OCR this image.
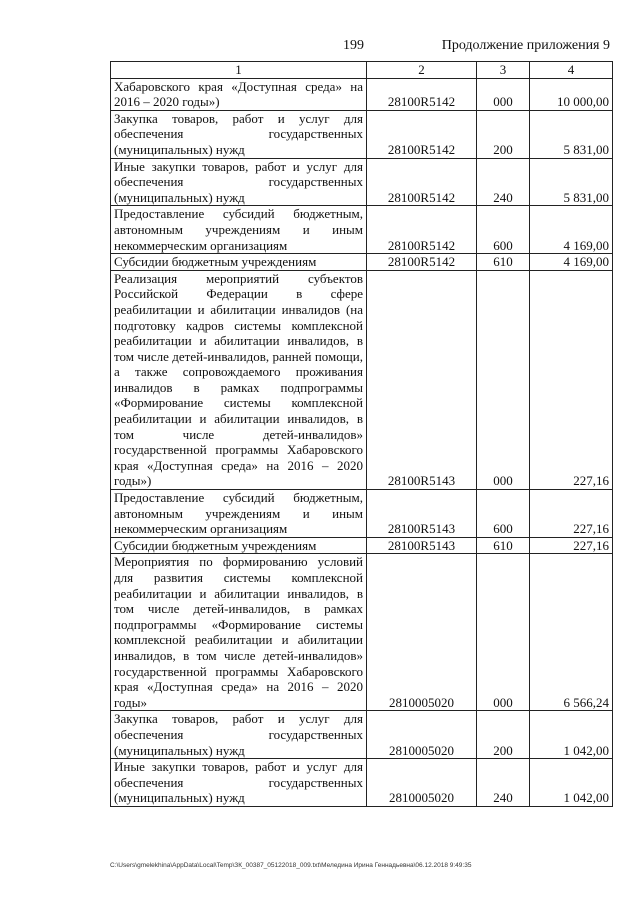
199	Продолжение приложения 9
1	2	3	4
Хабаровского края «Доступная среда» на 2016 – 2020 годы»)	28100R5142	000	10 000,00
Закупка товаров, работ и услуг для обеспечения государственных (муниципальных) нужд	28100R5142	200	5 831,00
Иные закупки товаров, работ и услуг для обеспечения государственных (муниципальных) нужд	28100R5142	240	5 831,00
Предоставление субсидий бюджетным, автономным учреждениям и иным некоммерческим организациям	28100R5142	600	4 169,00
Субсидии бюджетным учреждениям	28100R5142	610	4 169,00
Реализация мероприятий субъектов Российской Федерации в сфере реабилитации и абилитации инвалидов (на подготовку кадров системы комплексной реабилитации и абилитации инвалидов, в том числе детей-инвалидов, ранней помощи, а также сопровождаемого проживания инвалидов в рамках подпрограммы «Формирование системы комплексной реабилитации и абилитации инвалидов, в том числе детей-инвалидов» государственной программы Хабаровского края «Доступная среда» на 2016 – 2020 годы»)	28100R5143	000	227,16
Предоставление субсидий бюджетным, автономным учреждениям и иным некоммерческим организациям	28100R5143	600	227,16
Субсидии бюджетным учреждениям	28100R5143	610	227,16
Мероприятия по формированию условий для развития системы комплексной реабилитации и абилитации инвалидов, в том числе детей-инвалидов, в рамках подпрограммы «Формирование системы комплексной реабилитации и абилитации инвалидов, в том числе детей-инвалидов» государственной программы Хабаровского края «Доступная среда» на 2016 – 2020 годы»	2810005020	000	6 566,24
Закупка товаров, работ и услуг для обеспечения государственных (муниципальных) нужд	2810005020	200	1 042,00
Иные закупки товаров, работ и услуг для обеспечения государственных (муниципальных) нужд	2810005020	240	1 042,00
C:\Users\gmelekhina\AppData\Local\Temp\ЗК_00387_05122018_009.txt\Меледина Ирина Геннадьевна\06.12.2018 9:49:35
